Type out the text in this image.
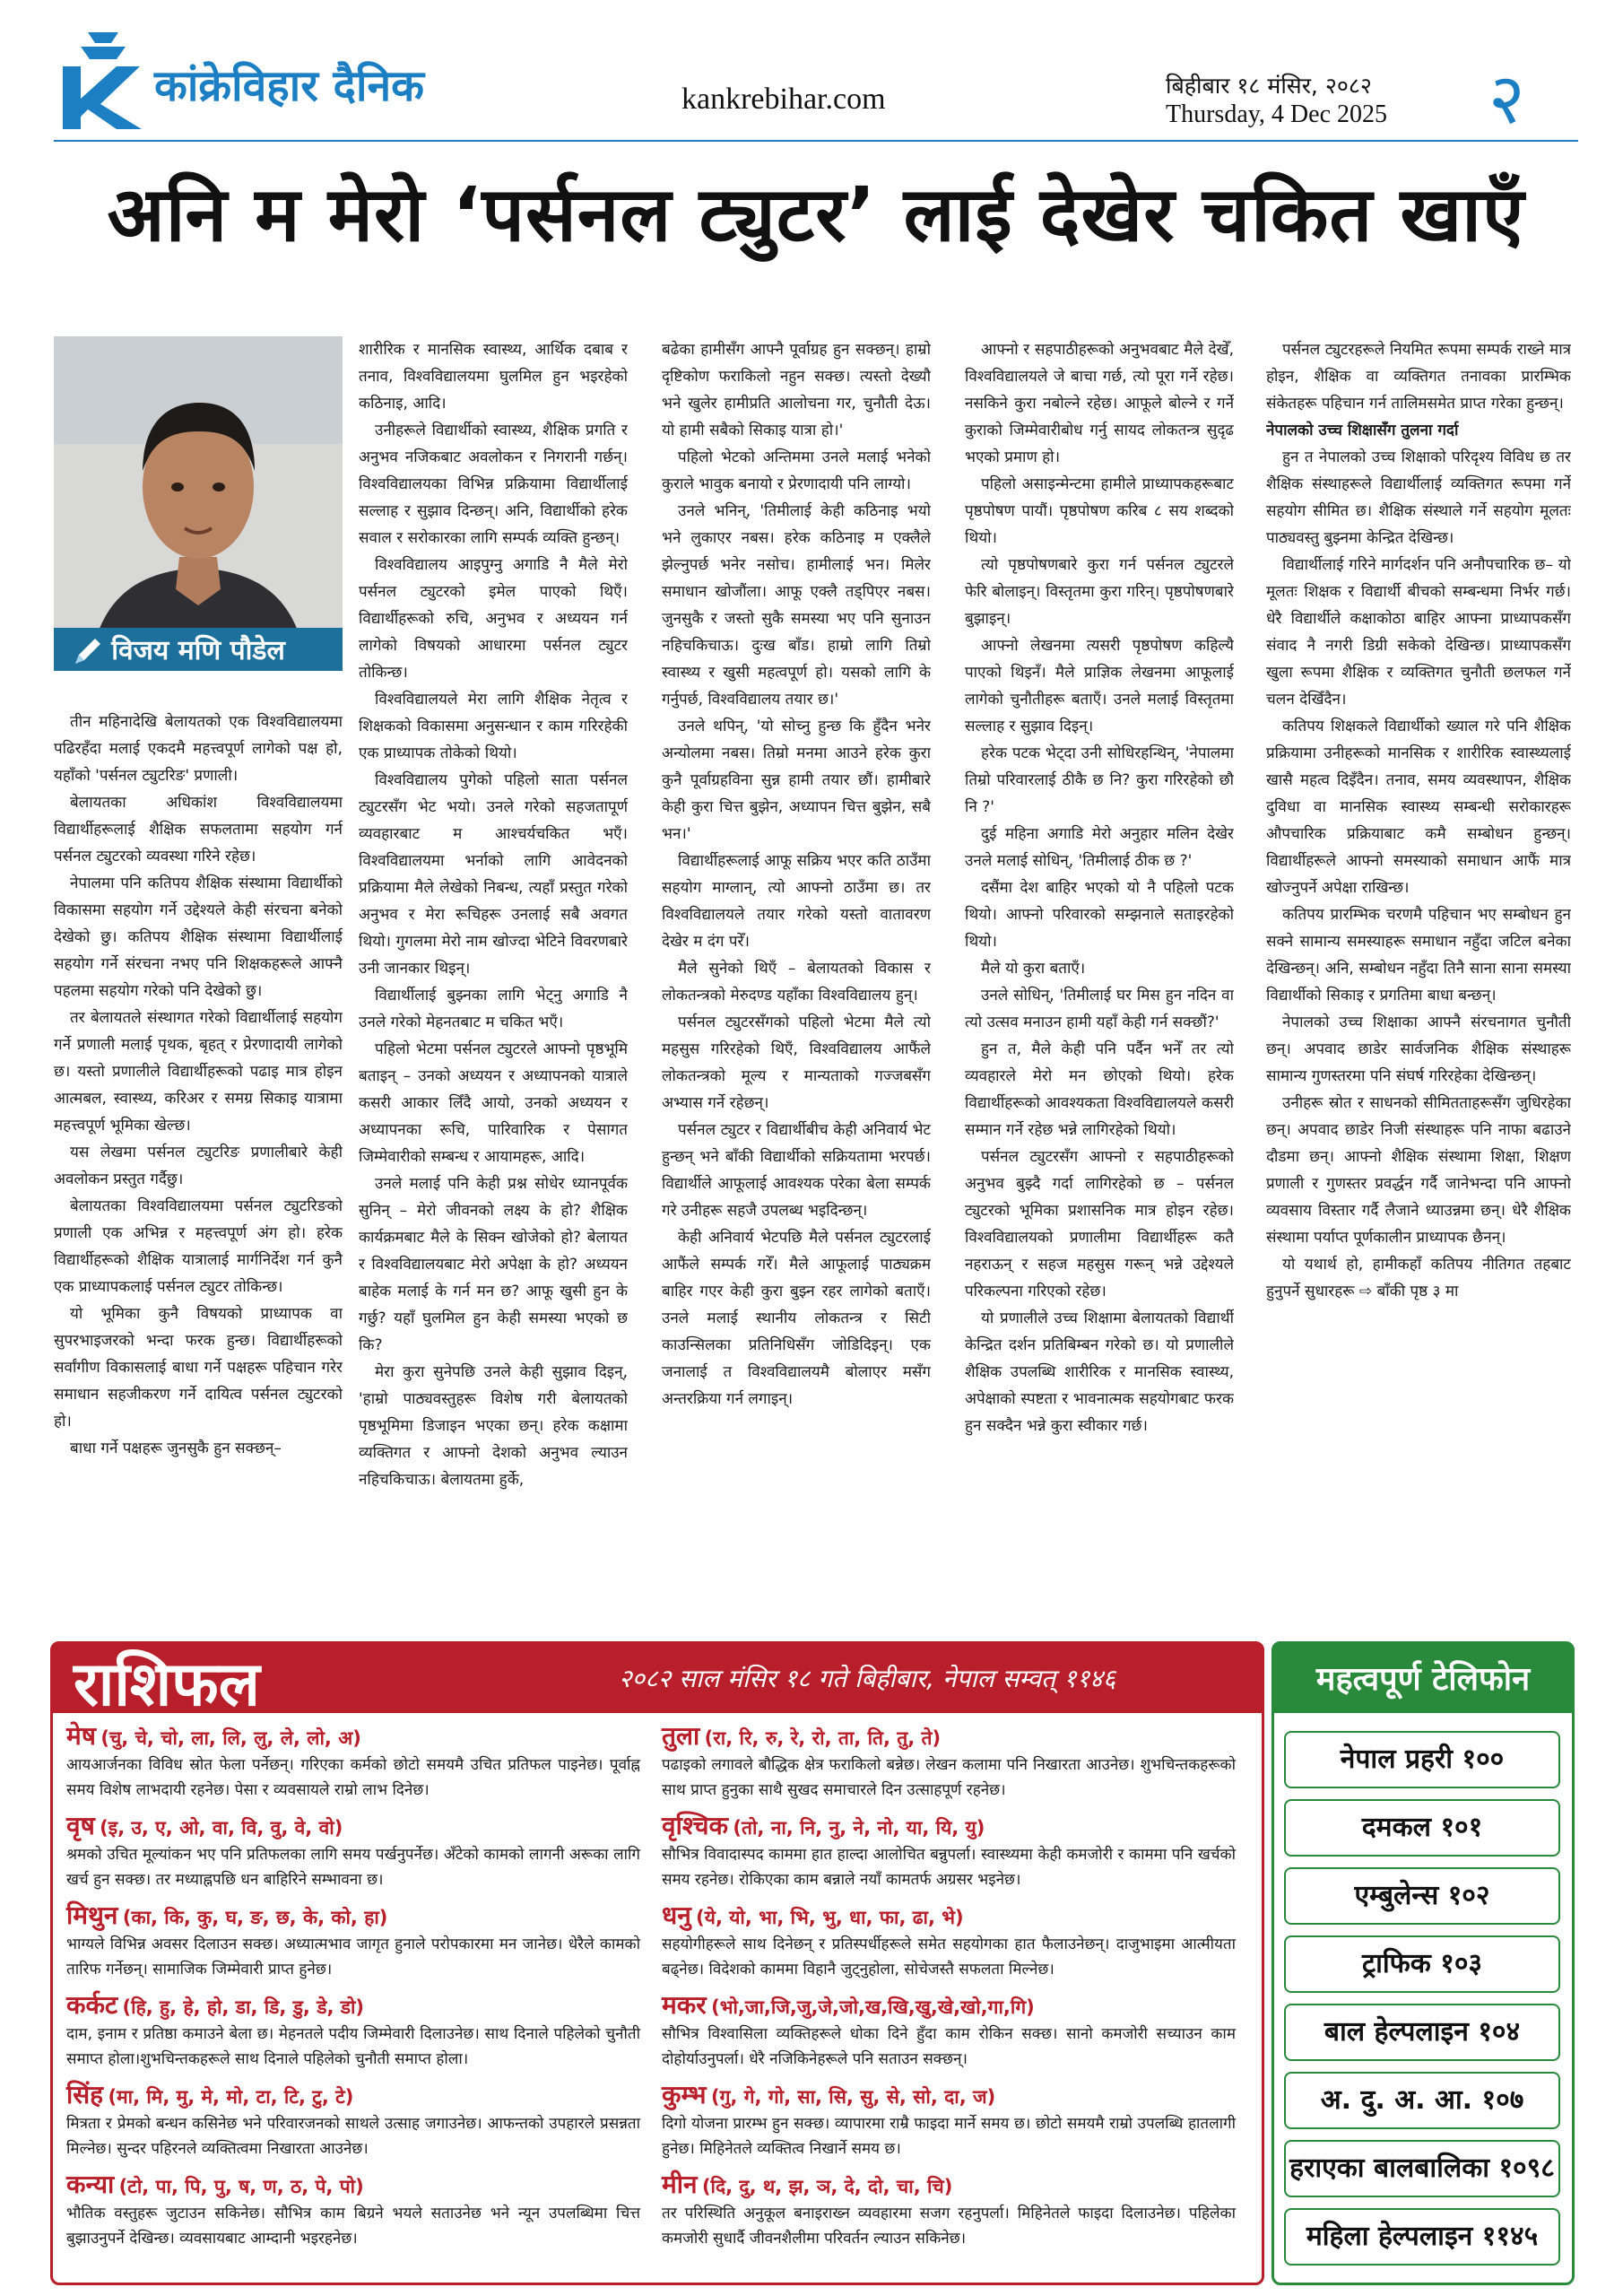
कांक्रेविहार दैनिक	kankrebihar.com	बिहीबार १८ मंसिर, २०८२
Thursday, 4 Dec 2025 २
अनि म मेरो ‘पर्सनल ट्युटर’ लाई देखेर चकित खाएँ
विजय मणि पौडेल

तीन महिनादेखि बेलायतको एक विश्वविद्यालयमा पढिरहँदा मलाई एकदमै महत्त्वपूर्ण लागेको पक्ष हो, यहाँको 'पर्सनल ट्युटरिङ' प्रणाली।

बेलायतका अधिकांश विश्वविद्यालयमा विद्यार्थीहरूलाई शैक्षिक सफलतामा सहयोग गर्न पर्सनल ट्युटरको व्यवस्था गरिने रहेछ।

नेपालमा पनि कतिपय शैक्षिक संस्थामा विद्यार्थीको विकासमा सहयोग गर्ने उद्देश्यले केही संरचना बनेको देखेको छु। कतिपय शैक्षिक संस्थामा विद्यार्थीलाई सहयोग गर्ने संरचना नभए पनि शिक्षकहरूले आफ्नै पहलमा सहयोग गरेको पनि देखेको छु।

तर बेलायतले संस्थागत गरेको विद्यार्थीलाई सहयोग गर्ने प्रणाली मलाई पृथक, बृहत् र प्रेरणादायी लागेको छ। यस्तो प्रणालीले विद्यार्थीहरूको पढाइ मात्र होइन आत्मबल, स्वास्थ्य, करिअर र समग्र सिकाइ यात्रामा महत्त्वपूर्ण भूमिका खेल्छ।

यस लेखमा पर्सनल ट्युटरिङ प्रणालीबारे केही अवलोकन प्रस्तुत गर्दैछु।

बेलायतका विश्वविद्यालयमा पर्सनल ट्युटरिङको प्रणाली एक अभिन्न र महत्त्वपूर्ण अंग हो। हरेक विद्यार्थीहरूको शैक्षिक यात्रालाई मार्गनिर्देश गर्न कुनै एक प्राध्यापकलाई पर्सनल ट्युटर तोकिन्छ।

यो भूमिका कुनै विषयको प्राध्यापक वा सुपरभाइजरको भन्दा फरक हुन्छ। विद्यार्थीहरूको सर्वांगीण विकासलाई बाधा गर्ने पक्षहरू पहिचान गरेर समाधान सहजीकरण गर्ने दायित्व पर्सनल ट्युटरको हो।

बाधा गर्ने पक्षहरू जुनसुकै हुन सक्छन्–

शारीरिक र मानसिक स्वास्थ्य, आर्थिक दबाब र तनाव, विश्वविद्यालयमा घुलमिल हुन भइरहेको कठिनाइ, आदि।

उनीहरूले विद्यार्थीको स्वास्थ्य, शैक्षिक प्रगति र अनुभव नजिकबाट अवलोकन र निगरानी गर्छन्। विश्वविद्यालयका विभिन्न प्रक्रियामा विद्यार्थीलाई सल्लाह र सुझाव दिन्छन्। अनि, विद्यार्थीको हरेक सवाल र सरोकारका लागि सम्पर्क व्यक्ति हुन्छन्।

विश्वविद्यालय आइपुग्नु अगाडि नै मैले मेरो पर्सनल ट्युटरको इमेल पाएको थिएँ। विद्यार्थीहरूको रुचि, अनुभव र अध्ययन गर्न लागेको विषयको आधारमा पर्सनल ट्युटर तोकिन्छ।

विश्वविद्यालयले मेरा लागि शैक्षिक नेतृत्व र शिक्षकको विकासमा अनुसन्धान र काम गरिरहेकी एक प्राध्यापक तोकेको थियो।

विश्वविद्यालय पुगेको पहिलो साता पर्सनल ट्युटरसँग भेट भयो। उनले गरेको सहजतापूर्ण व्यवहारबाट म आश्चर्यचकित भएँ। विश्वविद्यालयमा भर्नाको लागि आवेदनको प्रक्रियामा मैले लेखेको निबन्ध, त्यहाँ प्रस्तुत गरेको अनुभव र मेरा रूचिहरू उनलाई सबै अवगत थियो। गुगलमा मेरो नाम खोज्दा भेटिने विवरणबारे उनी जानकार थिइन्।

विद्यार्थीलाई बुझ्नका लागि भेट्नु अगाडि नै उनले गरेको मेहनतबाट म चकित भएँ।

पहिलो भेटमा पर्सनल ट्युटरले आफ्नो पृष्ठभूमि बताइन् – उनको अध्ययन र अध्यापनको यात्राले कसरी आकार लिँदै आयो, उनको अध्ययन र अध्यापनका रूचि, पारिवारिक र पेसागत जिम्मेवारीको सम्बन्ध र आयामहरू, आदि।

उनले मलाई पनि केही प्रश्न सोधेर ध्यानपूर्वक सुनिन् – मेरो जीवनको लक्ष्य के हो? शैक्षिक कार्यक्रमबाट मैले के सिक्न खोजेको हो? बेलायत र विश्वविद्यालयबाट मेरो अपेक्षा के हो? अध्ययन बाहेक मलाई के गर्न मन छ? आफू खुसी हुन के गर्छु? यहाँ घुलमिल हुन केही समस्या भएको छ कि?

मेरा कुरा सुनेपछि उनले केही सुझाव दिइन्, 'हाम्रो पाठ्यवस्तुहरू विशेष गरी बेलायतको पृष्ठभूमिमा डिजाइन भएका छन्। हरेक कक्षामा व्यक्तिगत र आफ्नो देशको अनुभव ल्याउन नहिचकिचाऊ। बेलायतमा हुर्के,

बढेका हामीसँग आफ्नै पूर्वाग्रह हुन सक्छन्। हाम्रो दृष्टिकोण फराकिलो नहुन सक्छ। त्यस्तो देख्यौ भने खुलेर हामीप्रति आलोचना गर, चुनौती देऊ। यो हामी सबैको सिकाइ यात्रा हो।'

पहिलो भेटको अन्तिममा उनले मलाई भनेको कुराले भावुक बनायो र प्रेरणादायी पनि लाग्यो।

उनले भनिन्, 'तिमीलाई केही कठिनाइ भयो भने लुकाएर नबस। हरेक कठिनाइ म एक्लैले झेल्नुपर्छ भनेर नसोच। हामीलाई भन। मिलेर समाधान खोजौंला। आफू एक्लै तड्पिएर नबस। जुनसुकै र जस्तो सुकै समस्या भए पनि सुनाउन नहिचकिचाऊ। दुःख बाँड। हाम्रो लागि तिम्रो स्वास्थ्य र खुसी महत्वपूर्ण हो। यसको लागि के गर्नुपर्छ, विश्वविद्यालय तयार छ।'

उनले थपिन्, 'यो सोच्नु हुन्छ कि हुँदैन भनेर अन्योलमा नबस। तिम्रो मनमा आउने हरेक कुरा कुनै पूर्वाग्रहविना सुन्न हामी तयार छौं। हामीबारे केही कुरा चित्त बुझेन, अध्यापन चित्त बुझेन, सबै भन।'

विद्यार्थीहरूलाई आफू सक्रिय भएर कति ठाउँमा सहयोग माग्लान्, त्यो आफ्नो ठाउँमा छ। तर विश्वविद्यालयले तयार गरेको यस्तो वातावरण देखेर म दंग परेँ।

मैले सुनेको थिएँ – बेलायतको विकास र लोकतन्त्रको मेरुदण्ड यहाँका विश्वविद्यालय हुन्।

पर्सनल ट्युटरसँगको पहिलो भेटमा मैले त्यो महसुस गरिरहेको थिएँ, विश्वविद्यालय आफैंले लोकतन्त्रको मूल्य र मान्यताको गज्जबसँग अभ्यास गर्ने रहेछन्।

पर्सनल ट्युटर र विद्यार्थीबीच केही अनिवार्य भेट हुन्छन् भने बाँकी विद्यार्थीको सक्रियतामा भरपर्छ। विद्यार्थीले आफूलाई आवश्यक परेका बेला सम्पर्क गरे उनीहरू सहजै उपलब्ध भइदिन्छन्।

केही अनिवार्य भेटपछि मैले पर्सनल ट्युटरलाई आफैंले सम्पर्क गरेँ। मैले आफूलाई पाठ्यक्रम बाहिर गएर केही कुरा बुझ्न रहर लागेको बताएँ। उनले मलाई स्थानीय लोकतन्त्र र सिटी काउन्सिलका प्रतिनिधिसँग जोडिदिइन्। एक जनालाई त विश्वविद्यालयमै बोलाएर मसँग अन्तरक्रिया गर्न लगाइन्।

आफ्नो र सहपाठीहरूको अनुभवबाट मैले देखेँ, विश्वविद्यालयले जे बाचा गर्छ, त्यो पूरा गर्ने रहेछ। नसकिने कुरा नबोल्ने रहेछ। आफूले बोल्ने र गर्ने कुराको जिम्मेवारीबोध गर्नु सायद लोकतन्त्र सुदृढ भएको प्रमाण हो।

पहिलो असाइन्मेन्टमा हामीले प्राध्यापकहरूबाट पृष्ठपोषण पायौं। पृष्ठपोषण करिब ८ सय शब्दको थियो।

त्यो पृष्ठपोषणबारे कुरा गर्न पर्सनल ट्युटरले फेरि बोलाइन्। विस्तृतमा कुरा गरिन्। पृष्ठपोषणबारे बुझाइन्।

आफ्नो लेखनमा त्यसरी पृष्ठपोषण कहिल्यै पाएको थिइनँ। मैले प्राज्ञिक लेखनमा आफूलाई लागेको चुनौतीहरू बताएँ। उनले मलाई विस्तृतमा सल्लाह र सुझाव दिइन्।

हरेक पटक भेट्दा उनी सोधिरहन्थिन्, 'नेपालमा तिम्रो परिवारलाई ठीकै छ नि? कुरा गरिरहेको छौ नि ?'

दुई महिना अगाडि मेरो अनुहार मलिन देखेर उनले मलाई सोधिन्, 'तिमीलाई ठीक छ ?'

दसैंमा देश बाहिर भएको यो नै पहिलो पटक थियो। आफ्नो परिवारको सम्झनाले सताइरहेको थियो।

मैले यो कुरा बताएँ।

उनले सोधिन्, 'तिमीलाई घर मिस हुन नदिन वा त्यो उत्सव मनाउन हामी यहाँ केही गर्न सक्छौं?'

हुन त, मैले केही पनि पर्दैन भनेँ तर त्यो व्यवहारले मेरो मन छोएको थियो। हरेक विद्यार्थीहरूको आवश्यकता विश्वविद्यालयले कसरी सम्मान गर्ने रहेछ भन्ने लागिरहेको थियो।

पर्सनल ट्युटरसँग आफ्नो र सहपाठीहरूको अनुभव बुझ्दै गर्दा लागिरहेको छ – पर्सनल ट्युटरको भूमिका प्रशासनिक मात्र होइन रहेछ। विश्वविद्यालयको प्रणालीमा विद्यार्थीहरू कतै नहराऊन् र सहज महसुस गरून् भन्ने उद्देश्यले परिकल्पना गरिएको रहेछ।

यो प्रणालीले उच्च शिक्षामा बेलायतको विद्यार्थी केन्द्रित दर्शन प्रतिबिम्बन गरेको छ। यो प्रणालीले शैक्षिक उपलब्धि शारीरिक र मानसिक स्वास्थ्य, अपेक्षाको स्पष्टता र भावनात्मक सहयोगबाट फरक हुन सक्दैन भन्ने कुरा स्वीकार गर्छ।

पर्सनल ट्युटरहरूले नियमित रूपमा सम्पर्क राख्ने मात्र होइन, शैक्षिक वा व्यक्तिगत तनावका प्रारम्भिक संकेतहरू पहिचान गर्न तालिमसमेत प्राप्त गरेका हुन्छन्।

नेपालको उच्च शिक्षासँग तुलना गर्दा

हुन त नेपालको उच्च शिक्षाको परिदृश्य विविध छ तर शैक्षिक संस्थाहरूले विद्यार्थीलाई व्यक्तिगत रूपमा गर्ने सहयोग सीमित छ। शैक्षिक संस्थाले गर्ने सहयोग मूलतः पाठ्यवस्तु बुझ्नमा केन्द्रित देखिन्छ।

विद्यार्थीलाई गरिने मार्गदर्शन पनि अनौपचारिक छ– यो मूलतः शिक्षक र विद्यार्थी बीचको सम्बन्धमा निर्भर गर्छ। धेरै विद्यार्थीले कक्षाकोठा बाहिर आफ्ना प्राध्यापकसँग संवाद नै नगरी डिग्री सकेको देखिन्छ। प्राध्यापकसँग खुला रूपमा शैक्षिक र व्यक्तिगत चुनौती छलफल गर्ने चलन देखिँदैन।

कतिपय शिक्षकले विद्यार्थीको ख्याल गरे पनि शैक्षिक प्रक्रियामा उनीहरूको मानसिक र शारीरिक स्वास्थ्यलाई खासै महत्व दिइँदैन। तनाव, समय व्यवस्थापन, शैक्षिक दुविधा वा मानसिक स्वास्थ्य सम्बन्धी सरोकारहरू औपचारिक प्रक्रियाबाट कमै सम्बोधन हुन्छन्। विद्यार्थीहरूले आफ्नो समस्याको समाधान आफैं मात्र खोज्नुपर्ने अपेक्षा राखिन्छ।

कतिपय प्रारम्भिक चरणमै पहिचान भए सम्बोधन हुन सक्ने सामान्य समस्याहरू समाधान नहुँदा जटिल बनेका देखिन्छन्। अनि, सम्बोधन नहुँदा तिनै साना साना समस्या विद्यार्थीको सिकाइ र प्रगतिमा बाधा बन्छन्।

नेपालको उच्च शिक्षाका आफ्नै संरचनागत चुनौती छन्। अपवाद छाडेर सार्वजनिक शैक्षिक संस्थाहरू सामान्य गुणस्तरमा पनि संघर्ष गरिरहेका देखिन्छन्।

उनीहरू स्रोत र साधनको सीमितताहरूसँग जुधिरहेका छन्। अपवाद छाडेर निजी संस्थाहरू पनि नाफा बढाउने दौडमा छन्। आफ्नो शैक्षिक संस्थामा शिक्षा, शिक्षण प्रणाली र गुणस्तर प्रवर्द्धन गर्दै जानेभन्दा पनि आफ्नो व्यवसाय विस्तार गर्दै लैजाने ध्याउन्नमा छन्। धेरै शैक्षिक संस्थामा पर्याप्त पूर्णकालीन प्राध्यापक छैनन्।

यो यथार्थ हो, हामीकहाँ कतिपय नीतिगत तहबाट हुनुपर्ने सुधारहरू ⇨ बाँकी पृष्ठ ३ मा

राशिफल	२०८२ साल मंसिर १८ गते बिहीबार, नेपाल सम्वत् ११४६
मेष (चु, चे, चो, ला, लि, लु, ले, लो, अ)
आयआर्जनका विविध स्रोत फेला पर्नेछन्। गरिएका कर्मको छोटो समयमै उचित प्रतिफल पाइनेछ। पूर्वाह्न समय विशेष लाभदायी रहनेछ। पेसा र व्यवसायले राम्रो लाभ दिनेछ।
वृष (इ, उ, ए, ओ, वा, वि, वु, वे, वो)
श्रमको उचित मूल्यांकन भए पनि प्रतिफलका लागि समय पर्खनुपर्नेछ। अँटेको कामको लागनी अरूका लागि खर्च हुन सक्छ। तर मध्याह्नपछि धन बाहिरिने सम्भावना छ।
मिथुन (का, कि, कु, घ, ङ, छ, के, को, हा)
भाग्यले विभिन्न अवसर दिलाउन सक्छ। अध्यात्मभाव जागृत हुनाले परोपकारमा मन जानेछ। धेरैले कामको तारिफ गर्नेछन्। सामाजिक जिम्मेवारी प्राप्त हुनेछ।
कर्कट (हि, हु, हे, हो, डा, डि, डु, डे, डो)
दाम, इनाम र प्रतिष्ठा कमाउने बेला छ। मेहनतले पदीय जिम्मेवारी दिलाउनेछ। साथ दिनाले पहिलेको चुनौती समाप्त होला।शुभचिन्तकहरूले साथ दिनाले पहिलेको चुनौती समाप्त होला।
सिंह (मा, मि, मु, मे, मो, टा, टि, टु, टे)
मित्रता र प्रेमको बन्धन कसिनेछ भने परिवारजनको साथले उत्साह जगाउनेछ। आफन्तको उपहारले प्रसन्नता मिल्नेछ। सुन्दर पहिरनले व्यक्तित्वमा निखारता आउनेछ।
कन्या (टो, पा, पि, पु, ष, ण, ठ, पे, पो)
भौतिक वस्तुहरू जुटाउन सकिनेछ। सौभित्र काम बिग्रने भयले सताउनेछ भने न्यून उपलब्धिमा चित्त बुझाउनुपर्ने देखिन्छ। व्यवसायबाट आम्दानी भइरहनेछ।
तुला (रा, रि, रु, रे, रो, ता, ति, तु, ते)
पढाइको लगावले बौद्धिक क्षेत्र फराकिलो बन्नेछ। लेखन कलामा पनि निखारता आउनेछ। शुभचिन्तकहरूको साथ प्राप्त हुनुका साथै सुखद समाचारले दिन उत्साहपूर्ण रहनेछ।
वृश्चिक (तो, ना, नि, नु, ने, नो, या, यि, यु)
सौभित्र विवादास्पद काममा हात हाल्दा आलोचित बन्नुपर्ला। स्वास्थ्यमा केही कमजोरी र काममा पनि खर्चको समय रहनेछ। रोकिएका काम बन्नाले नयाँ कामतर्फ अग्रसर भइनेछ।
धनु (ये, यो, भा, भि, भु, धा, फा, ढा, भे)
सहयोगीहरूले साथ दिनेछन् र प्रतिस्पर्धीहरूले समेत सहयोगका हात फैलाउनेछन्। दाजुभाइमा आत्मीयता बढ्नेछ। विदेशको काममा विहानै जुट्नुहोला, सोचेजस्तै सफलता मिल्नेछ।
मकर (भो,जा,जि,जु,जे,जो,ख,खि,खु,खे,खो,गा,गि)
सौभित्र विश्वासिला व्यक्तिहरूले धोका दिने हुँदा काम रोकिन सक्छ। सानो कमजोरी सच्याउन काम दोहोर्याउनुपर्ला। धेरै नजिकिनेहरूले पनि सताउन सक्छन्।
कुम्भ (गु, गे, गो, सा, सि, सु, से, सो, दा, ज)
दिगो योजना प्रारम्भ हुन सक्छ। व्यापारमा राम्रै फाइदा मार्ने समय छ। छोटो समयमै राम्रो उपलब्धि हातलागी हुनेछ। मिहिनेतले व्यक्तित्व निखार्ने समय छ।
मीन (दि, दु, थ, झ, ञ, दे, दो, चा, चि)
तर परिस्थिति अनुकूल बनाइराख्न व्यवहारमा सजग रहनुपर्ला। मिहिनेतले फाइदा दिलाउनेछ। पहिलेका कमजोरी सुधार्दै जीवनशैलीमा परिवर्तन ल्याउन सकिनेछ।
महत्वपूर्ण टेलिफोन
नेपाल प्रहरी १००
दमकल १०१
एम्बुलेन्स १०२
ट्राफिक १०३
बाल हेल्पलाइन १०४
अ. दु. अ. आ. १०७
हराएका बालबालिका १०९८
महिला हेल्पलाइन ११४५
